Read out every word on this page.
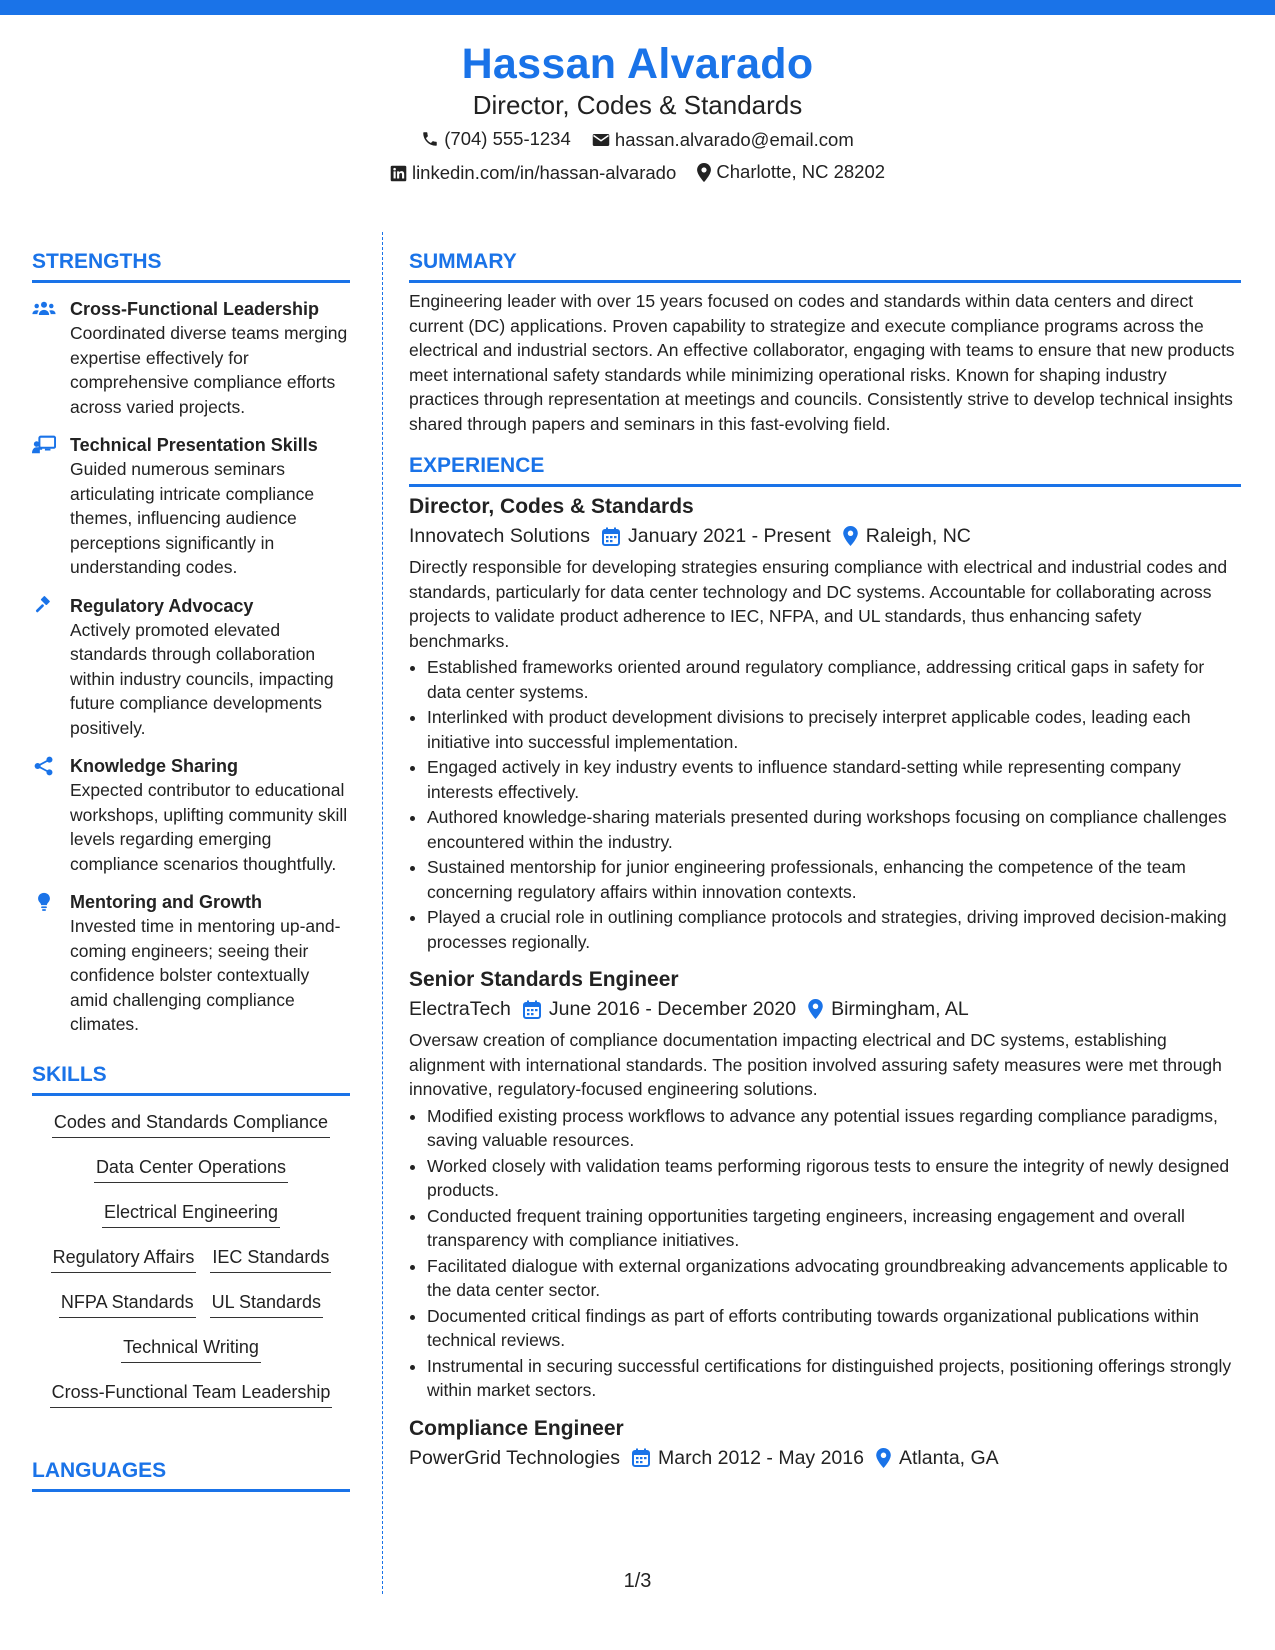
Hassan Alvarado
Director, Codes & Standards
(704) 555-1234
hassan.alvarado@email.com
linkedin.com/in/hassan-alvarado
Charlotte, NC 28202
STRENGTHS
Cross-Functional Leadership
Coordinated diverse teams merging expertise effectively for comprehensive compliance efforts across varied projects.
Technical Presentation Skills
Guided numerous seminars articulating intricate compliance themes, influencing audience perceptions significantly in understanding codes.
Regulatory Advocacy
Actively promoted elevated standards through collaboration within industry councils, impacting future compliance developments positively.
Knowledge Sharing
Expected contributor to educational workshops, uplifting community skill levels regarding emerging compliance scenarios thoughtfully.
Mentoring and Growth
Invested time in mentoring up-and-coming engineers; seeing their confidence bolster contextually amid challenging compliance climates.
SKILLS
Codes and Standards Compliance
Data Center Operations
Electrical Engineering
Regulatory Affairs IEC Standards
NFPA Standards UL Standards
Technical Writing
Cross-Functional Team Leadership
LANGUAGES
SUMMARY
Engineering leader with over 15 years focused on codes and standards within data centers and direct current (DC) applications. Proven capability to strategize and execute compliance programs across the electrical and industrial sectors. An effective collaborator, engaging with teams to ensure that new products meet international safety standards while minimizing operational risks. Known for shaping industry practices through representation at meetings and councils. Consistently strive to develop technical insights shared through papers and seminars in this fast-evolving field.
EXPERIENCE
Director, Codes & Standards
Innovatech Solutions January 2021 - Present Raleigh, NC
Directly responsible for developing strategies ensuring compliance with electrical and industrial codes and standards, particularly for data center technology and DC systems. Accountable for collaborating across projects to validate product adherence to IEC, NFPA, and UL standards, thus enhancing safety benchmarks.
• Established frameworks oriented around regulatory compliance, addressing critical gaps in safety for data center systems.
• Interlinked with product development divisions to precisely interpret applicable codes, leading each initiative into successful implementation.
• Engaged actively in key industry events to influence standard-setting while representing company interests effectively.
• Authored knowledge-sharing materials presented during workshops focusing on compliance challenges encountered within the industry.
• Sustained mentorship for junior engineering professionals, enhancing the competence of the team concerning regulatory affairs within innovation contexts.
• Played a crucial role in outlining compliance protocols and strategies, driving improved decision-making processes regionally.
Senior Standards Engineer
ElectraTech June 2016 - December 2020 Birmingham, AL
Oversaw creation of compliance documentation impacting electrical and DC systems, establishing alignment with international standards. The position involved assuring safety measures were met through innovative, regulatory-focused engineering solutions.
• Modified existing process workflows to advance any potential issues regarding compliance paradigms, saving valuable resources.
• Worked closely with validation teams performing rigorous tests to ensure the integrity of newly designed products.
• Conducted frequent training opportunities targeting engineers, increasing engagement and overall transparency with compliance initiatives.
• Facilitated dialogue with external organizations advocating groundbreaking advancements applicable to the data center sector.
• Documented critical findings as part of efforts contributing towards organizational publications within technical reviews.
• Instrumental in securing successful certifications for distinguished projects, positioning offerings strongly within market sectors.
Compliance Engineer
PowerGrid Technologies March 2012 - May 2016 Atlanta, GA
1/3
